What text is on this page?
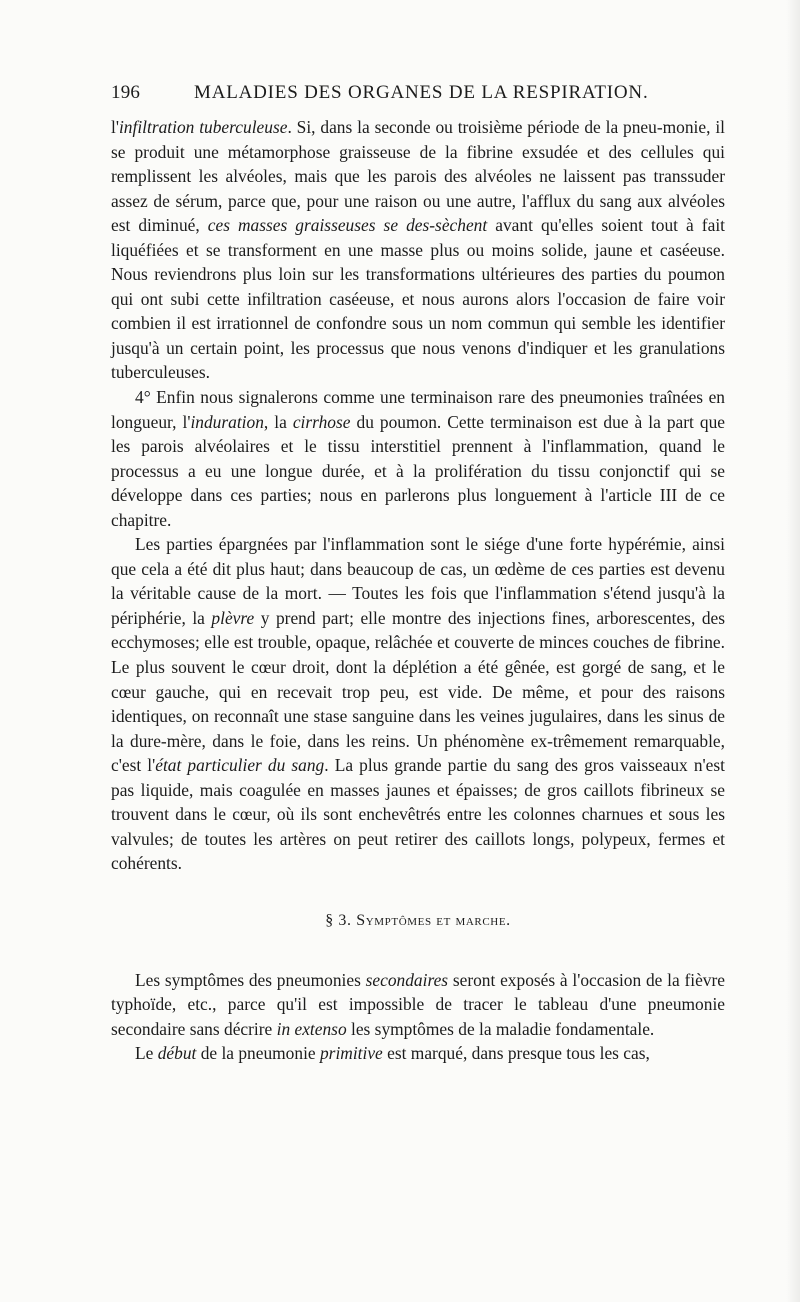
196	MALADIES DES ORGANES DE LA RESPIRATION.

l'infiltration tuberculeuse. Si, dans la seconde ou troisième période de la pneu-monie, il se produit une métamorphose graisseuse de la fibrine exsudée et des cellules qui remplissent les alvéoles, mais que les parois des alvéoles ne laissent pas transsuder assez de sérum, parce que, pour une raison ou une autre, l'afflux du sang aux alvéoles est diminué, ces masses graisseuses se des-sèchent avant qu'elles soient tout à fait liquéfiées et se transforment en une masse plus ou moins solide, jaune et caséeuse. Nous reviendrons plus loin sur les transformations ultérieures des parties du poumon qui ont subi cette infiltration caséeuse, et nous aurons alors l'occasion de faire voir combien il est irrationnel de confondre sous un nom commun qui semble les identifier jusqu'à un certain point, les processus que nous venons d'indiquer et les granulations tuberculeuses.

4° Enfin nous signalerons comme une terminaison rare des pneumonies traînées en longueur, l'induration, la cirrhose du poumon. Cette terminaison est due à la part que les parois alvéolaires et le tissu interstitiel prennent à l'inflammation, quand le processus a eu une longue durée, et à la prolifération du tissu conjonctif qui se développe dans ces parties; nous en parlerons plus longuement à l'article III de ce chapitre.

Les parties épargnées par l'inflammation sont le siége d'une forte hypérémie, ainsi que cela a été dit plus haut; dans beaucoup de cas, un œdème de ces parties est devenu la véritable cause de la mort. — Toutes les fois que l'inflammation s'étend jusqu'à la périphérie, la plèvre y prend part; elle montre des injections fines, arborescentes, des ecchymoses; elle est trouble, opaque, relâchée et couverte de minces couches de fibrine. Le plus souvent le cœur droit, dont la déplétion a été gênée, est gorgé de sang, et le cœur gauche, qui en recevait trop peu, est vide. De même, et pour des raisons identiques, on reconnaît une stase sanguine dans les veines jugulaires, dans les sinus de la dure-mère, dans le foie, dans les reins. Un phénomène ex-trêmement remarquable, c'est l'état particulier du sang. La plus grande partie du sang des gros vaisseaux n'est pas liquide, mais coagulée en masses jaunes et épaisses; de gros caillots fibrineux se trouvent dans le cœur, où ils sont enchevêtrés entre les colonnes charnues et sous les valvules; de toutes les artères on peut retirer des caillots longs, polypeux, fermes et cohérents.

§ 3. Symptômes et marche.

Les symptômes des pneumonies secondaires seront exposés à l'occasion de la fièvre typhoïde, etc., parce qu'il est impossible de tracer le tableau d'une pneumonie secondaire sans décrire in extenso les symptômes de la maladie fondamentale.

Le début de la pneumonie primitive est marqué, dans presque tous les cas,
